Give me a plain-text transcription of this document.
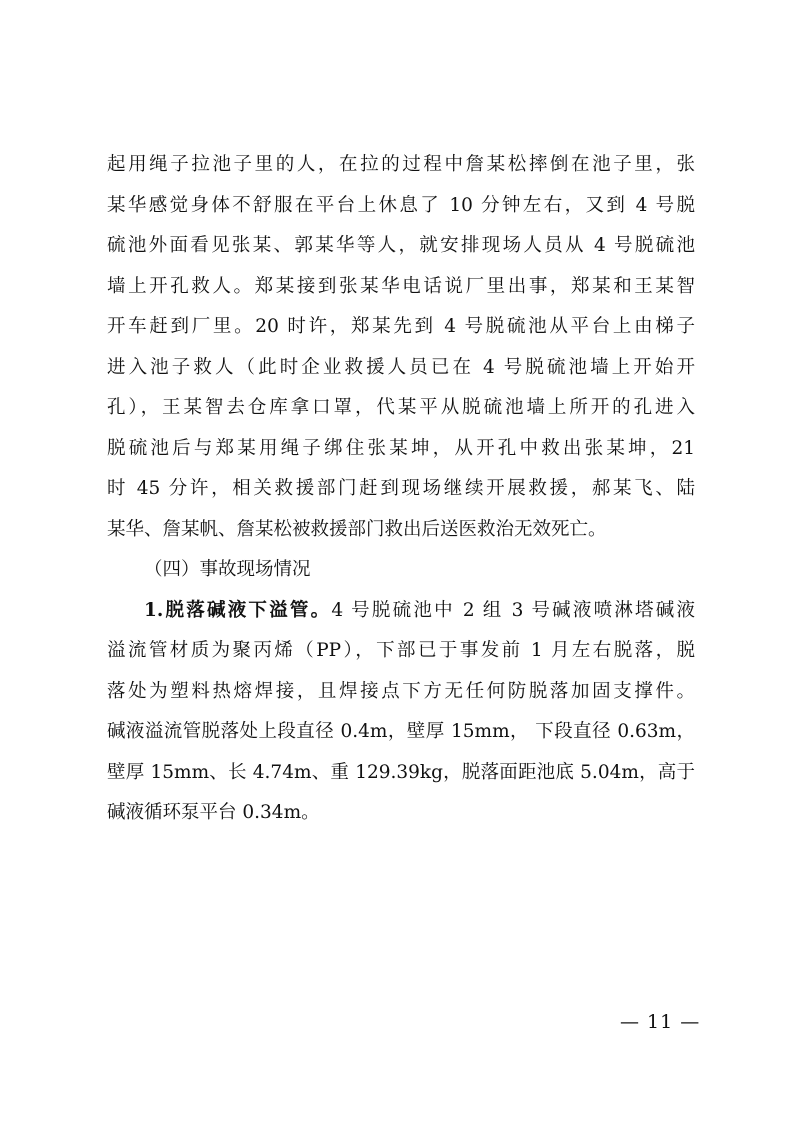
起用绳子拉池子里的人，在拉的过程中詹某松摔倒在池子里，张
某华感觉身体不舒服在平台上休息了 10 分钟左右，又到 4 号脱
硫池外面看见张某、郭某华等人，就安排现场人员从 4 号脱硫池
墙上开孔救人。郑某接到张某华电话说厂里出事，郑某和王某智
开车赶到厂里。20 时许，郑某先到 4 号脱硫池从平台上由梯子
进入池子救人（此时企业救援人员已在 4 号脱硫池墙上开始开
孔），王某智去仓库拿口罩，代某平从脱硫池墙上所开的孔进入
脱硫池后与郑某用绳子绑住张某坤，从开孔中救出张某坤，21
时 45 分许，相关救援部门赶到现场继续开展救援，郝某飞、陆
某华、詹某帆、詹某松被救援部门救出后送医救治无效死亡。
（四）事故现场情况
1.脱落碱液下溢管。4 号脱硫池中 2 组 3 号碱液喷淋塔碱液
溢流管材质为聚丙烯（PP），下部已于事发前 1 月左右脱落，脱
落处为塑料热熔焊接，且焊接点下方无任何防脱落加固支撑件。
碱液溢流管脱落处上段直径 0.4m，壁厚 15mm， 下段直径 0.63m，
壁厚 15mm、长 4.74m、重 129.39kg，脱落面距池底 5.04m，高于
碱液循环泵平台 0.34m。
— 11 —
